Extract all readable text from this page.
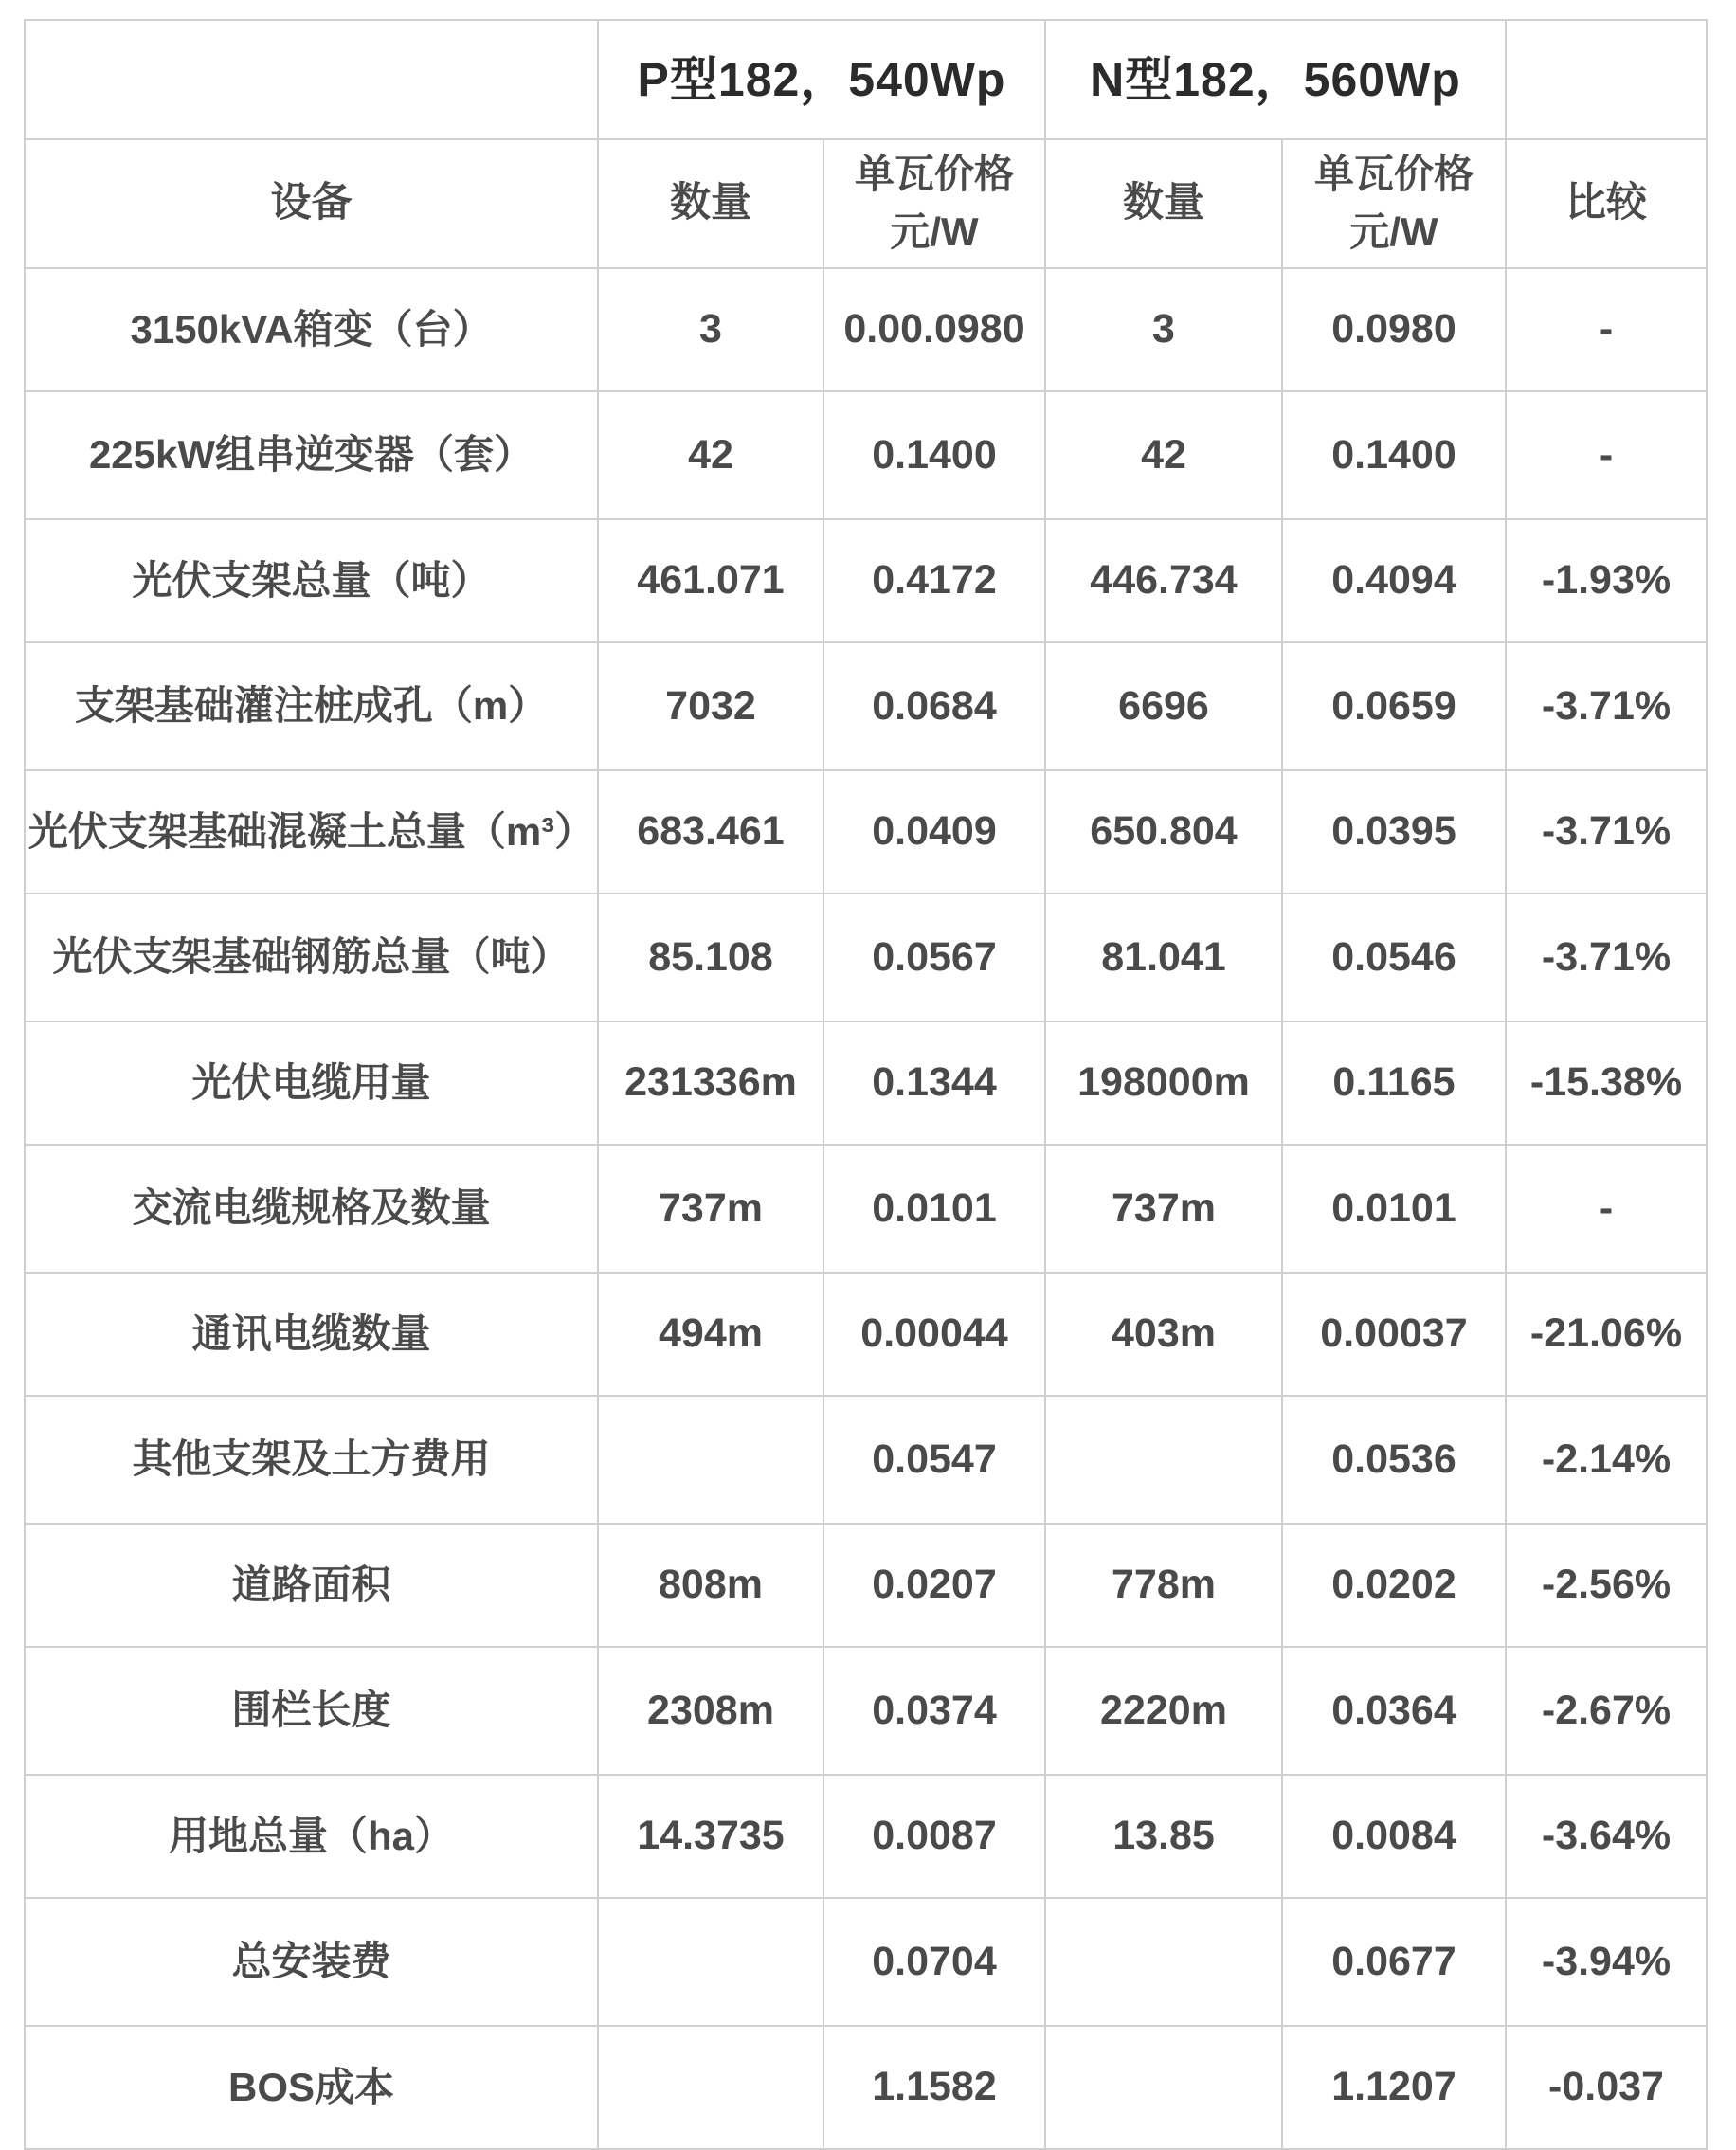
	P型182，540Wp		N型182，560Wp		
设备	数量	单瓦价格元/W	数量	单瓦价格元/W	比较
3150kVA箱变（台）	3	0.00.0980	3	0.0980	-
225kW组串逆变器（套）	42	0.1400	42	0.1400	-
光伏支架总量（吨）	461.071	0.4172	446.734	0.4094	-1.93%
支架基础灌注桩成孔（m）	7032	0.0684	6696	0.0659	-3.71%
光伏支架基础混凝土总量（m³）	683.461	0.0409	650.804	0.0395	-3.71%
光伏支架基础钢筋总量（吨）	85.108	0.0567	81.041	0.0546	-3.71%
光伏电缆用量	231336m	0.1344	198000m	0.1165	-15.38%
交流电缆规格及数量	737m	0.0101	737m	0.0101	-
通讯电缆数量	494m	0.00044	403m	0.00037	-21.06%
其他支架及土方费用		0.0547		0.0536	-2.14%
道路面积	808m	0.0207	778m	0.0202	-2.56%
围栏长度	2308m	0.0374	2220m	0.0364	-2.67%
用地总量（ha）	14.3735	0.0087	13.85	0.0084	-3.64%
总安装费		0.0704		0.0677	-3.94%
BOS成本		1.1582		1.1207	-0.037
